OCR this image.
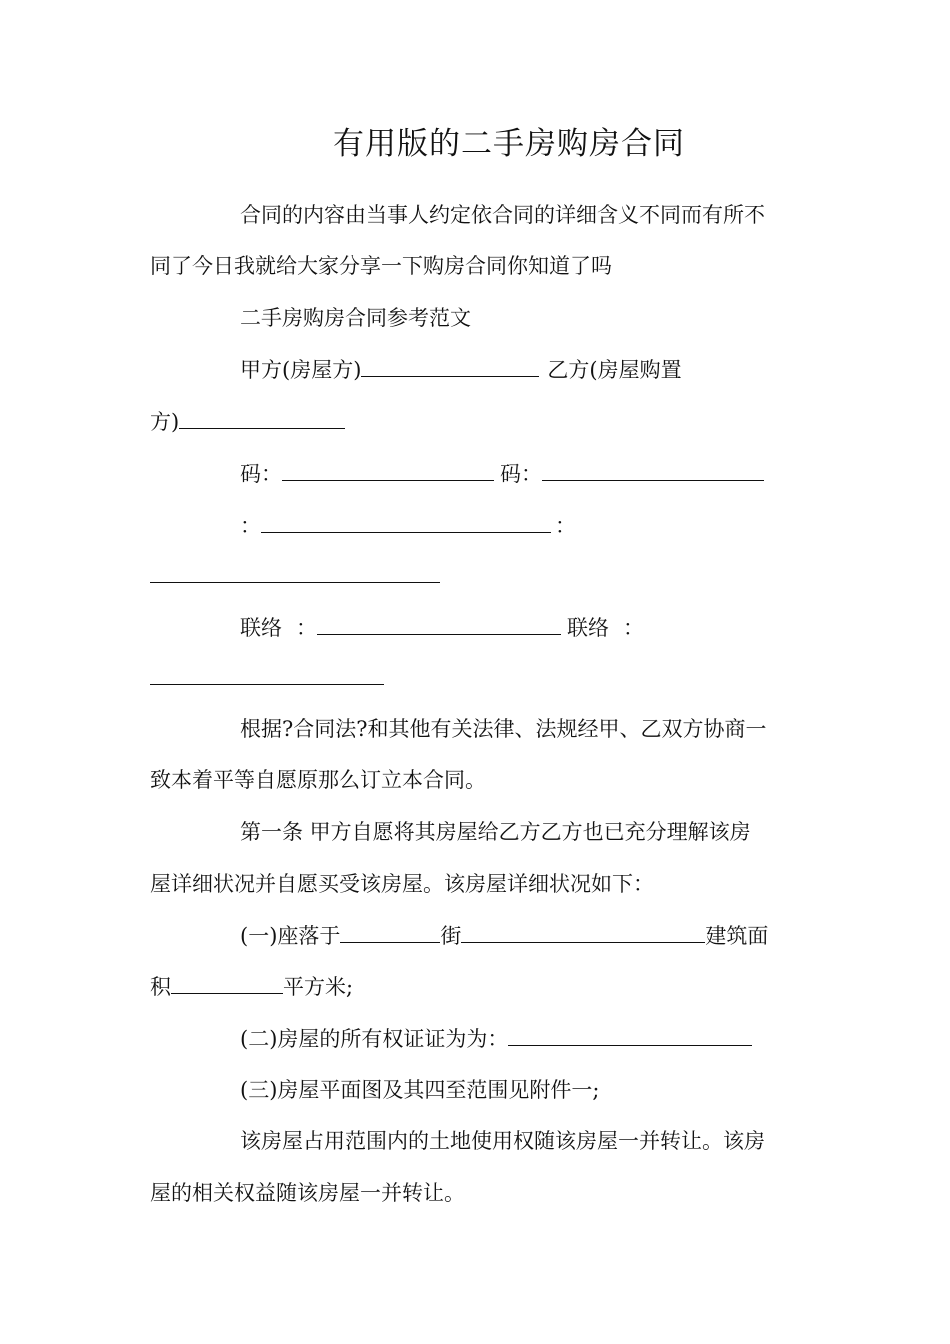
有用版的二手房购房合同
合同的内容由当事人约定依合同的详细含义不同而有所不
同了今日我就给大家分享一下购房合同你知道了吗
二手房购房合同参考范文
甲方(房屋方)	乙方(房屋购置
方)
码：	码：
：	：
联络 ：	联络 ：
根据?合同法?和其他有关法律、法规经甲、乙双方协商一
致本着平等自愿原那么订立本合同。
第一条 甲方自愿将其房屋给乙方乙方也已充分理解该房
屋详细状况并自愿买受该房屋。该房屋详细状况如下：
(一)座落于	街	建筑面
积	平方米;
(二)房屋的所有权证证为为：
(三)房屋平面图及其四至范围见附件一;
该房屋占用范围内的土地使用权随该房屋一并转让。该房
屋的相关权益随该房屋一并转让。
